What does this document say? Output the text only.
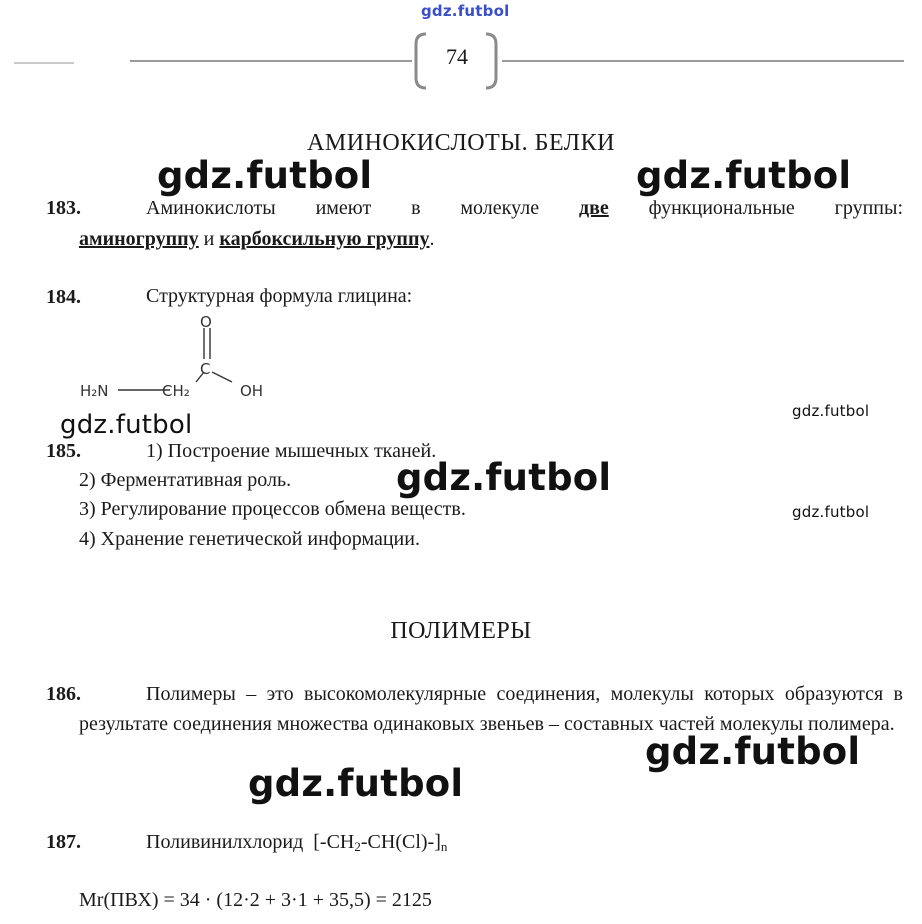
gdz.futbol
74
АМИНОКИСЛОТЫ. БЕЛКИ
gdz.futbol	gdz.futbol
183.	Аминокислоты имеют в молекуле две функциональные группы:
аминогруппу и карбоксильную группу.
184.	Структурная формула глицина:
O
C
OH
H₂N	CH₂
gdz.futbol	gdz.futbol
185.	1) Построение мышечных тканей.
2) Ферментативная роль.
3) Регулирование процессов обмена веществ.
4) Хранение генетической информации.
gdz.futbol
gdz.futbol
ПОЛИМЕРЫ
186.	Полимеры – это высокомолекулярные соединения, молекулы которых образуются в результате соединения множества одинаковых звеньев – составных частей молекулы полимера.
gdz.futbol
gdz.futbol
187.	Поливинилхлорид $[-CH_2-CH(Cl)-]_n$
Mr(ПВХ) = 34 · (12·2 + 3·1 + 35,5) = 2125
